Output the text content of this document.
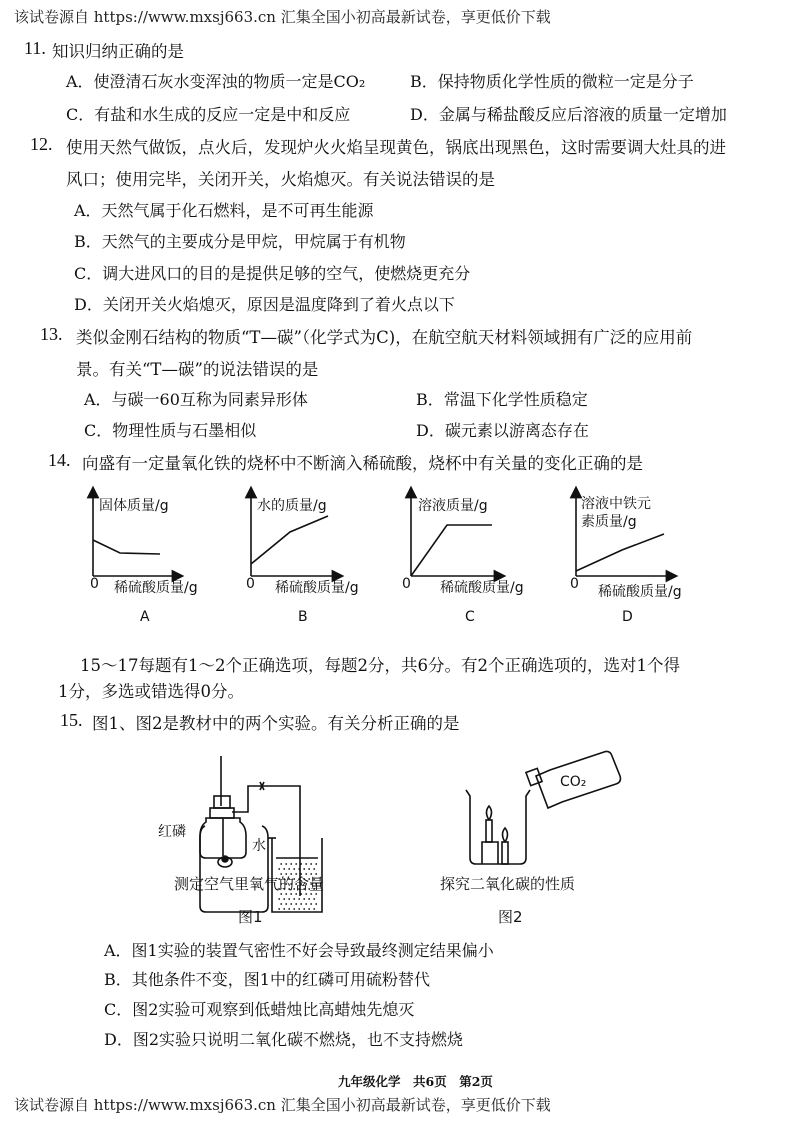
该试卷源自 https://www.mxsj663.cn 汇集全国小初高最新试卷，享更低价下载
11. 知识归纳正确的是
A．使澄清石灰水变浑浊的物质一定是CO₂	B．保持物质化学性质的微粒一定是分子
C．有盐和水生成的反应一定是中和反应	D．金属与稀盐酸反应后溶液的质量一定增加
12. 使用天然气做饭，点火后，发现炉火火焰呈现黄色，锅底出现黑色，这时需要调大灶具的进
风口；使用完毕，关闭开关，火焰熄灭。有关说法错误的是
A．天然气属于化石燃料，是不可再生能源
B．天然气的主要成分是甲烷，甲烷属于有机物
C．调大进风口的目的是提供足够的空气，使燃烧更充分
D．关闭开关火焰熄灭，原因是温度降到了着火点以下
13. 类似金刚石结构的物质“T—碳”（化学式为C)，在航空航天材料领域拥有广泛的应用前
景。有关“T—碳”的说法错误的是
A．与碳一60互称为同素异形体	B．常温下化学性质稳定
C．物理性质与石墨相似	D．碳元素以游离态存在
14. 向盛有一定量氧化铁的烧杯中不断滴入稀硫酸，烧杯中有关量的变化正确的是
固体质量/g
0 稀硫酸质量/g
A
水的质量/g
0 稀硫酸质量/g
B
溶液质量/g
0 稀硫酸质量/g
C
溶液中铁元
素质量/g
0 稀硫酸质量/g
D
15～17每题有1～2个正确选项，每题2分，共6分。有2个正确选项的，选对1个得
1分，多选或错选得0分。
15. 图1、图2是教材中的两个实验。有关分析正确的是
红磷
水
测定空气里氧气的含量
图1
CO₂
探究二氧化碳的性质
图2
A．图1实验的装置气密性不好会导致最终测定结果偏小
B．其他条件不变，图1中的红磷可用硫粉替代
C．图2实验可观察到低蜡烛比高蜡烛先熄灭
D．图2实验只说明二氧化碳不燃烧，也不支持燃烧
九年级化学　共6页　第2页
该试卷源自 https://www.mxsj663.cn 汇集全国小初高最新试卷，享更低价下载
